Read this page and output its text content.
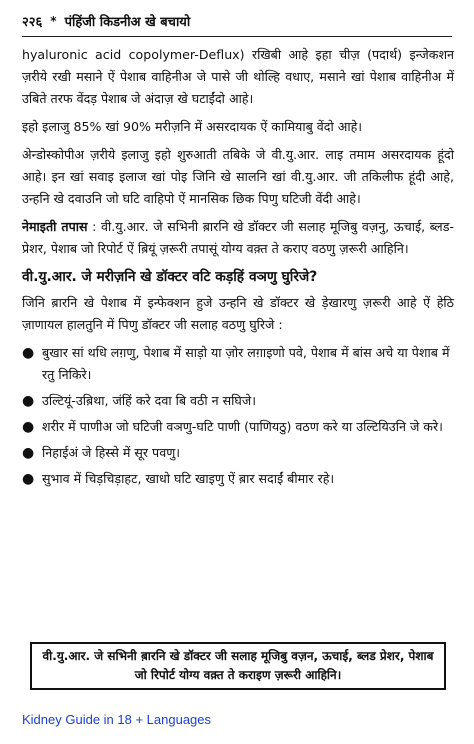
२२६ * पंहिंजी किडनीअ खे बचायो

hyaluronic acid copolymer-Deflux) रखिबी आहे इहा चीज़ (पदार्थ) इन्जेकशन ज़रीये रखी मसाने ऐं पेशाब वाहिनीअ जे पासे जी थोल्हि वधाए, मसाने खां पेशाब वाहिनीअ में उबिते तरफ वेंदड़ पेशाब जे अंदाज़ खे घटाईंदो आहे।

इहो इलाजु 85% खां 90% मरीज़नि में असरदायक ऐं कामियाबु वेंदो आहे।

अेन्डोस्कोपीअ ज़रीये इलाजु इहो शुरुआती तबिके जे वी.यु.आर. लाइ तमाम असरदायक हूंदो आहे। इन खां सवाइ इलाज खां पोइ जिनि खे सालनि खां वी.यु.आर. जी तकिलीफ हूंदी आहे, उन्हनि खे दवाउनि जो घटि वाहिपो ऐं मानसिक छिक पिणु घटिजी वेंदी आहे।

नेमाइती तपास : वी.यु.आर. जे सभिनी ब़ारनि खे डॉक्टर जी सलाह मूजिबु वज़नु, ऊचाई, ब्लड-प्रेशर, पेशाब जो रिपोर्ट ऐं ब़ियूं ज़रूरी तपासूं योग्य वक़्त ते कराए वठणु ज़रूरी आहिनि।

वी.यु.आर. जे मरीज़नि खे डॉक्टर वटि कड़हिं वञणु घुरिजे?

जिनि ब़ारनि खे पेशाब में इन्फेक्शन हुजे उन्हनि खे डॉक्टर खे ड़ेखारणु ज़रूरी आहे ऐं हेठि ज़ाणायल हालतुनि में पिणु डॉक्टर जी सलाह वठणु घुरिजे :

● बुखार सां थधि लग़णु, पेशाब में साड़ो या ज़ोर लग़ाइणो पवे, पेशाब में बांस अचे या पेशाब में रतु निकिरे।
● उल्टियूं-उब़िथा, जंहिं करे दवा बि वठी न सघिजे।
● शरीर में पाणीअ जो घटिजी वञणु-घटि पाणी (पाणियठु) वठण करे या उल्टियिउनि जे करे।
● निहाईअं जे हिस्से में सूर पवणु।
● सुभाव में चिड़चिड़ाहट, खाधो घटि खाइणु ऐं ब़ार सदाईं बीमार रहे।
वी.यु.आर. जे सभिनी ब़ारनि खे डॉक्टर जी सलाह मूजिबु वज़न, ऊचाई, ब्लड प्रेशर, पेशाब जो रिपोर्ट योग्य वक़्त ते कराइण ज़रूरी आहिनि।
Kidney Guide in 18 + Languages
